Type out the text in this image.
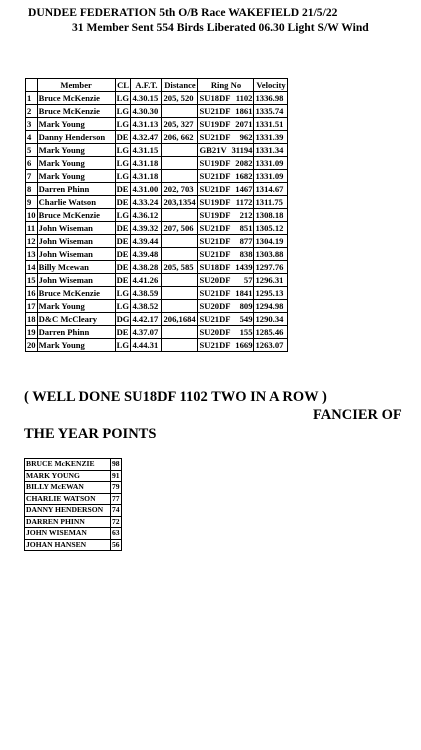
DUNDEE FEDERATION 5th O/B Race WAKEFIELD 21/5/22
31 Member Sent 554 Birds Liberated 06.30 Light S/W Wind
	Member	CL	A.F.T.	Distance	Ring No	Velocity
1	Bruce McKenzie	LG	4.30.15	205, 520	SU18DF 1102	1336.98
2	Bruce McKenzie	LG	4.30.30		SU21DF 1861	1335.74
3	Mark Young	LG	4.31.13	205, 327	SU19DF 2071	1331.51
4	Danny Henderson	DE	4.32.47	206, 662	SU21DF 962	1331.39
5	Mark Young	LG	4.31.15		GB21V 31194	1331.34
6	Mark Young	LG	4.31.18		SU19DF 2082	1331.09
7	Mark Young	LG	4.31.18		SU21DF 1682	1331.09
8	Darren Phinn	DE	4.31.00	202, 703	SU21DF 1467	1314.67
9	Charlie Watson	DE	4.33.24	203,1354	SU19DF 1172	1311.75
10	Bruce McKenzie	LG	4.36.12		SU19DF 212	1308.18
11	John Wiseman	DE	4.39.32	207, 506	SU21DF 851	1305.12
12	John Wiseman	DE	4.39.44		SU21DF 877	1304.19
13	John Wiseman	DE	4.39.48		SU21DF 838	1303.88
14	Billy Mcewan	DE	4.38.28	205, 585	SU18DF 1439	1297.76
15	John Wiseman	DE	4.41.26		SU20DF 57	1296.31
16	Bruce McKenzie	LG	4.38.59		SU21DF 1841	1295.13
17	Mark Young	LG	4.38.52		SU20DF 809	1294.98
18	D&C McCleary	DG	4.42.17	206,1684	SU21DF 549	1290.34
19	Darren Phinn	DE	4.37.07		SU20DF 155	1285.46
20	Mark Young	LG	4.44.31		SU21DF 1669	1263.07
( WELL DONE SU18DF 1102 TWO IN A ROW )
FANCIER OF
THE YEAR POINTS
BRUCE McKENZIE	98
MARK YOUNG	91
BILLY McEWAN	79
CHARLIE WATSON	77
DANNY HENDERSON	74
DARREN PHINN	72
JOHN WISEMAN	63
JOHAN HANSEN	56
